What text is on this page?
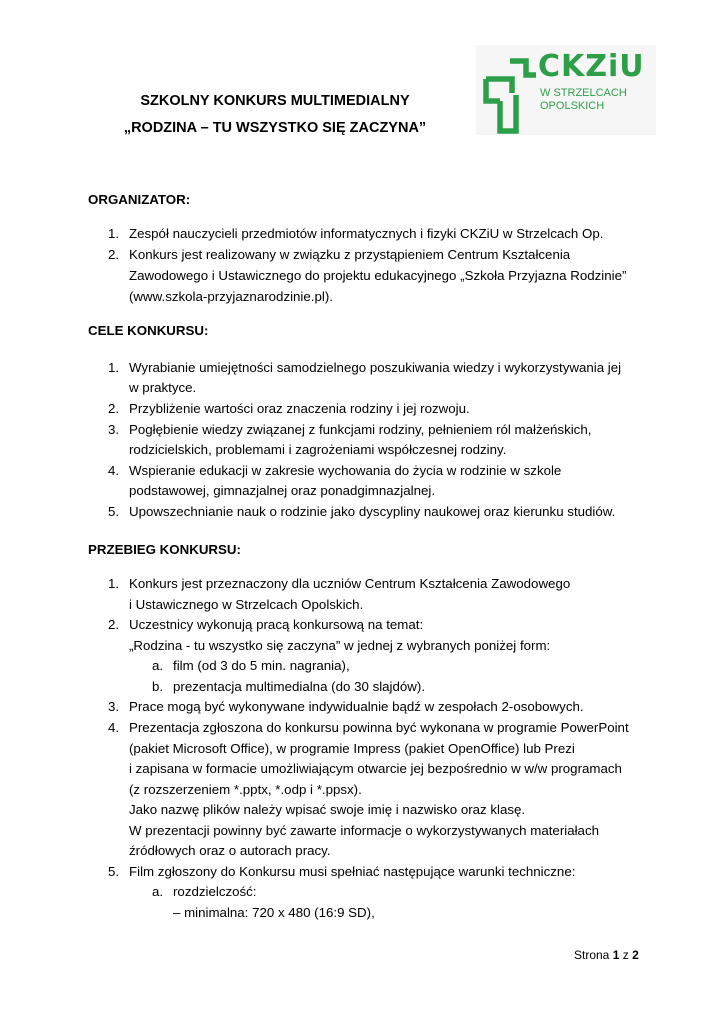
CKZiU
W STRZELCACH
OPOLSKICH
SZKOLNY KONKURS MULTIMEDIALNY
„RODZINA – TU WSZYSTKO SIĘ ZACZYNA”
ORGANIZATOR:
1. Zespół nauczycieli przedmiotów informatycznych i fizyki CKZiU w Strzelcach Op.
2. Konkurs jest realizowany w związku z przystąpieniem Centrum Kształcenia
Zawodowego i Ustawicznego do projektu edukacyjnego „Szkoła Przyjazna Rodzinie”
(www.szkola-przyjaznarodzinie.pl).
CELE KONKURSU:
1. Wyrabianie umiejętności samodzielnego poszukiwania wiedzy i wykorzystywania jej
w praktyce.
2. Przybliżenie wartości oraz znaczenia rodziny i jej rozwoju.
3. Pogłębienie wiedzy związanej z funkcjami rodziny, pełnieniem ról małżeńskich,
rodzicielskich, problemami i zagrożeniami współczesnej rodziny.
4. Wspieranie edukacji w zakresie wychowania do życia w rodzinie w szkole
podstawowej, gimnazjalnej oraz ponadgimnazjalnej.
5. Upowszechnianie nauk o rodzinie jako dyscypliny naukowej oraz kierunku studiów.
PRZEBIEG KONKURSU:
1. Konkurs jest przeznaczony dla uczniów Centrum Kształcenia Zawodowego
i Ustawicznego w Strzelcach Opolskich.
2. Uczestnicy wykonują pracą konkursową na temat:
„Rodzina - tu wszystko się zaczyna” w jednej z wybranych poniżej form:
a. film (od 3 do 5 min. nagrania),
b. prezentacja multimedialna (do 30 slajdów).
3. Prace mogą być wykonywane indywidualnie bądź w zespołach 2-osobowych.
4. Prezentacja zgłoszona do konkursu powinna być wykonana w programie PowerPoint
(pakiet Microsoft Office), w programie Impress (pakiet OpenOffice) lub Prezi
i zapisana w formacie umożliwiającym otwarcie jej bezpośrednio w w/w programach
(z rozszerzeniem *.pptx, *.odp i *.ppsx).
Jako nazwę plików należy wpisać swoje imię i nazwisko oraz klasę.
W prezentacji powinny być zawarte informacje o wykorzystywanych materiałach
źródłowych oraz o autorach pracy.
5. Film zgłoszony do Konkursu musi spełniać następujące warunki techniczne:
a. rozdzielczość:
– minimalna: 720 x 480 (16:9 SD),
Strona 1 z 2
